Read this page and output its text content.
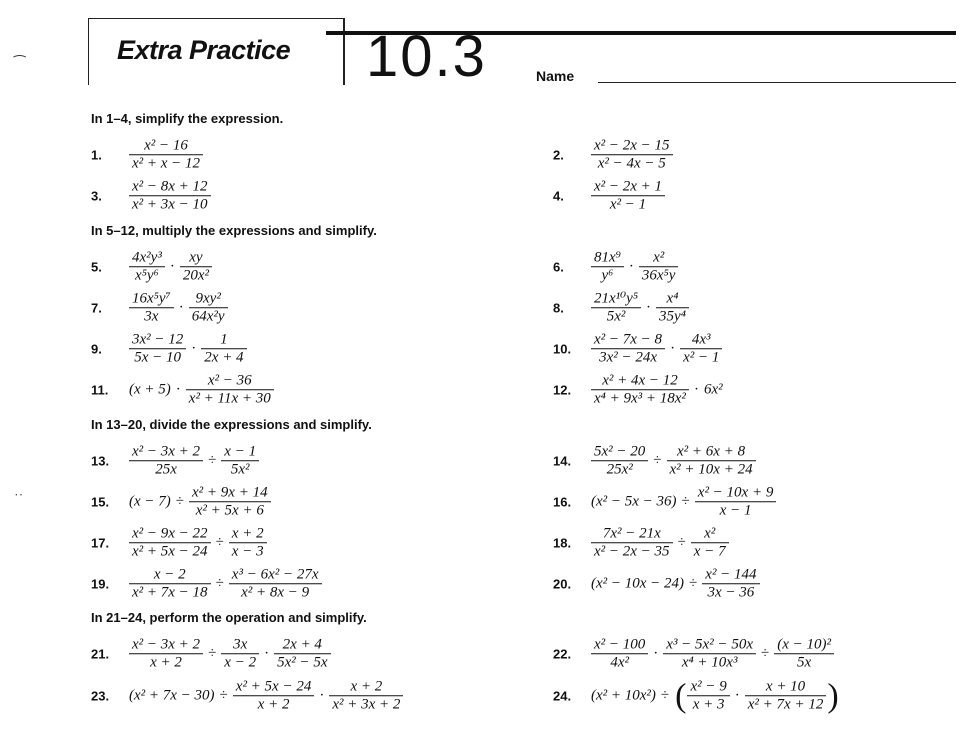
Extra Practice 10.3	Name
⁀
˙˙
In 1–4, simplify the expression.
1. $\frac{\text{x² − 16}}{\text{x² + x − 12}}$	2. $\frac{\text{x² − 2x − 15}}{\text{x² − 4x − 5}}$
3. $\frac{\text{x² − 8x + 12}}{\text{x² + 3x − 10}}$	4. $\frac{\text{x² − 2x + 1}}{\text{x² − 1}}$
In 5–12, multiply the expressions and simplify.
5. $\frac{\text{4x²y³}}{\text{x⁵y⁶}} \cdot \frac{xy}{\text{20x²}}$	6. $\frac{\text{81x⁹}}{\text{y⁶}} \cdot \frac{\text{x²}}{\text{36x⁵y}}$
7. $\frac{\text{16x⁵y⁷}}{3x} \cdot \frac{\text{9xy²}}{\text{64x²y}}$	8. $\frac{\text{21x¹⁰y⁵}}{\text{5x²}} \cdot \frac{\text{x⁴}}{\text{35y⁴}}$
9. $\frac{\text{3x² − 12}}{5x - 10} \cdot \frac{1}{2x + 4}$	10. $\frac{\text{x² − 7x − 8}}{\text{3x² − 24x}} \cdot \frac{\text{4x³}}{\text{x² − 1}}$
11. $(x + 5) \cdot \frac{\text{x² − 36}}{\text{x² + 11x + 30}}$	12. $\frac{\text{x² + 4x − 12}}{\text{x⁴ + 9x³ + 18x²}} \cdot 6x^2$
In 13–20, divide the expressions and simplify.
13. $\frac{\text{x² − 3x + 2}}{25x} \div \frac{x - 1}{\text{5x²}}$	14. $\frac{\text{5x² − 20}}{\text{25x²}} \div \frac{\text{x² + 6x + 8}}{\text{x² + 10x + 24}}$
15. $(x - 7) \div \frac{\text{x² + 9x + 14}}{\text{x² + 5x + 6}}$	16. $(x^2 - 5x - 36) \div \frac{\text{x² − 10x + 9}}{x - 1}$
17. $\frac{\text{x² − 9x − 22}}{\text{x² + 5x − 24}} \div \frac{x + 2}{x - 3}$	18. $\frac{\text{7x² − 21x}}{\text{x² − 2x − 35}} \div \frac{\text{x²}}{x - 7}$
19. $\frac{x - 2}{\text{x² + 7x − 18}} \div \frac{\text{x³ − 6x² − 27x}}{\text{x² + 8x − 9}}$	20. $(x^2 - 10x - 24) \div \frac{\text{x² − 144}}{3x - 36}$
In 21–24, perform the operation and simplify.
21. $\frac{\text{x² − 3x + 2}}{x + 2} \div \frac{3x}{x - 2} \cdot \frac{2x + 4}{\text{5x² − 5x}}$	22. $\frac{\text{x² − 100}}{\text{4x²}} \cdot \frac{\text{x³ − 5x² − 50x}}{\text{x⁴ + 10x³}} \div \frac{\text{(x − 10)²}}{5x}$
23. $(x^2 + 7x - 30) \div \frac{\text{x² + 5x − 24}}{x + 2} \cdot \frac{x + 2}{\text{x² + 3x + 2}}$	24. (x² + 10x²) ÷ ( $\frac{\text{x² − 9}}{x + 3} \cdot \frac{x + 10}{\text{x² + 7x + 12}}$ )
